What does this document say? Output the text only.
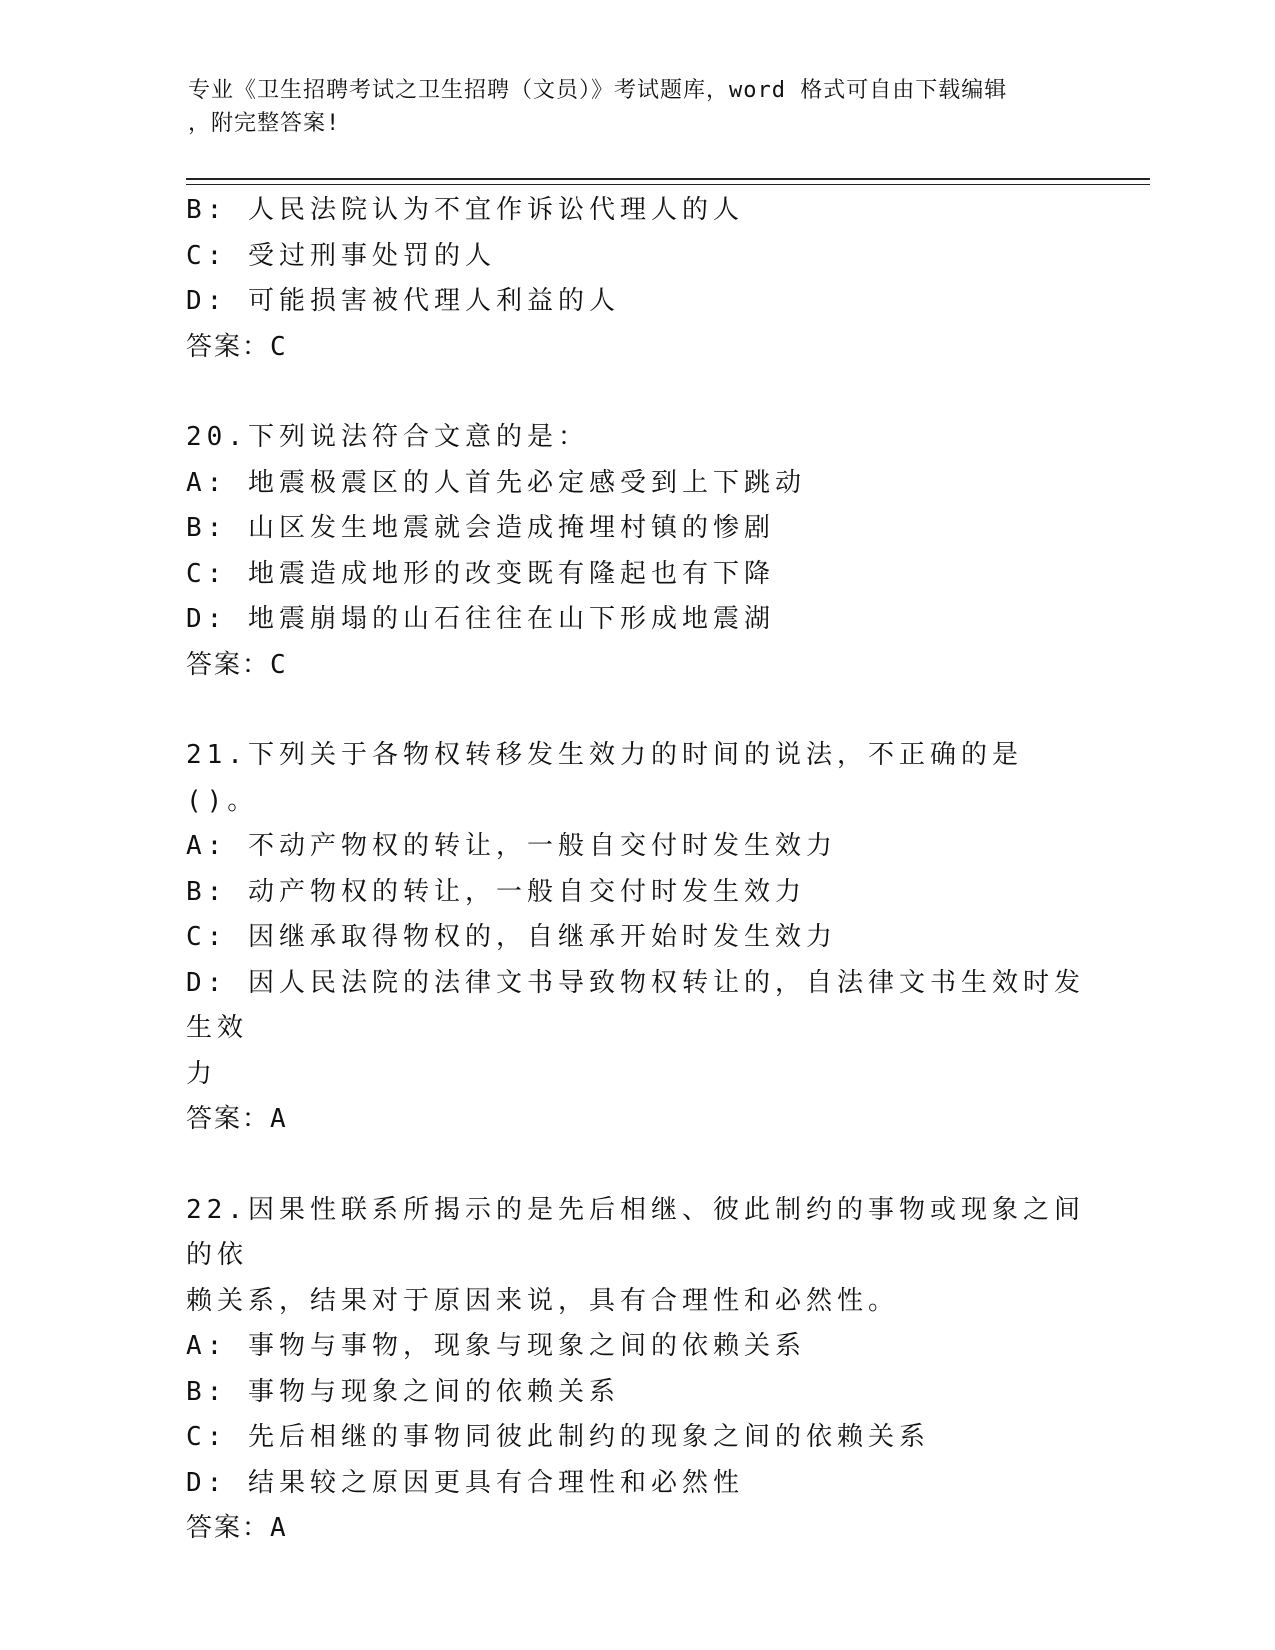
专业《卫生招聘考试之卫生招聘（文员）》考试题库，word 格式可自由下载编辑
，附完整答案!
B: 人民法院认为不宜作诉讼代理人的人
C: 受过刑事处罚的人
D: 可能损害被代理人利益的人
答案：C
20.下列说法符合文意的是：
A: 地震极震区的人首先必定感受到上下跳动
B: 山区发生地震就会造成掩埋村镇的惨剧
C: 地震造成地形的改变既有隆起也有下降
D: 地震崩塌的山石往往在山下形成地震湖
答案：C
21.下列关于各物权转移发生效力的时间的说法，不正确的是()。
A: 不动产物权的转让，一般自交付时发生效力
B: 动产物权的转让，一般自交付时发生效力
C: 因继承取得物权的，自继承开始时发生效力
D: 因人民法院的法律文书导致物权转让的，自法律文书生效时发生效
力
答案：A
22.因果性联系所揭示的是先后相继、彼此制约的事物或现象之间的依
赖关系，结果对于原因来说，具有合理性和必然性。
A: 事物与事物，现象与现象之间的依赖关系
B: 事物与现象之间的依赖关系
C: 先后相继的事物同彼此制约的现象之间的依赖关系
D: 结果较之原因更具有合理性和必然性
答案：A
